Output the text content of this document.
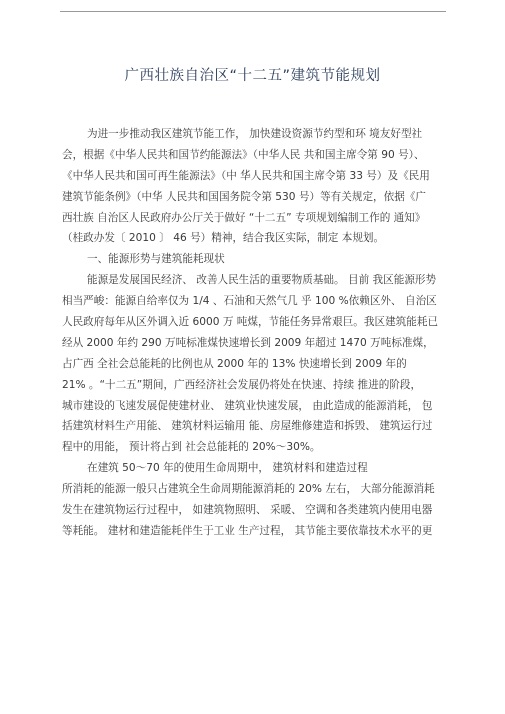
广西壮族自治区“十二五”建筑节能规划
为进一步推动我区建筑节能工作， 加快建设资源节约型和环 境友好型社
会，根据《中华人民共和国节约能源法》（中华人民 共和国主席令第 90 号）、
《中华人民共和国可再生能源法》（中 华人民共和国主席令第 33 号）及《民用
建筑节能条例》（中华 人民共和国国务院令第 530 号）等有关规定，依据《广
西壮族 自治区人民政府办公厅关于做好 “十二五” 专项规划编制工作的 通知》
（桂政办发〔 2010 〕 46 号）精神，结合我区实际，制定 本规划。
一、能源形势与建筑能耗现状
能源是发展国民经济、 改善人民生活的重要物质基础。 目前 我区能源形势
相当严峻：能源自给率仅为 1/4 、石油和天然气几 乎 100 %依赖区外、 自治区
人民政府每年从区外调入近 6000 万 吨煤，节能任务异常艰巨。我区建筑能耗已
经从 2000 年约 290 万吨标准煤快速增长到 2009 年超过 1470 万吨标准煤，
占广西 全社会总能耗的比例也从 2000 年的 13% 快速增长到 2009 年的
21% 。“十二五”期间，广西经济社会发展仍将处在快速、持续 推进的阶段，
城市建设的飞速发展促使建材业、 建筑业快速发展， 由此造成的能源消耗， 包
括建筑材料生产用能、 建筑材料运输用 能、房屋维修建造和拆毁、 建筑运行过
程中的用能， 预计将占到 社会总能耗的 20%～30%。
在建筑 50～70 年的使用生命周期中， 建筑材料和建造过程
所消耗的能源一般只占建筑全生命周期能源消耗的 20% 左右， 大部分能源消耗
发生在建筑物运行过程中， 如建筑物照明、 采暖、 空调和各类建筑内使用电器
等耗能。 建材和建造能耗伴生于工业 生产过程， 其节能主要依靠技术水平的更
